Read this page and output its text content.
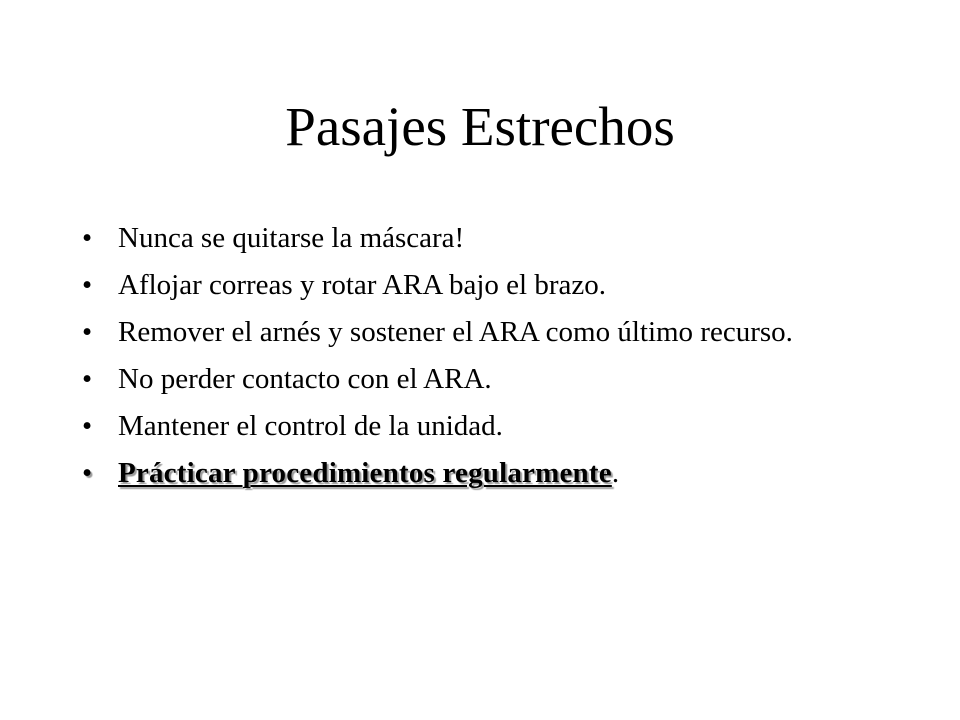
Pasajes Estrechos
• Nunca se quitarse la máscara!
• Aflojar correas y rotar ARA bajo el brazo.
• Remover el arnés y sostener el ARA como último recurso.
• No perder contacto con el ARA.
• Mantener el control de la unidad.
• Prácticar procedimientos regularmente.
